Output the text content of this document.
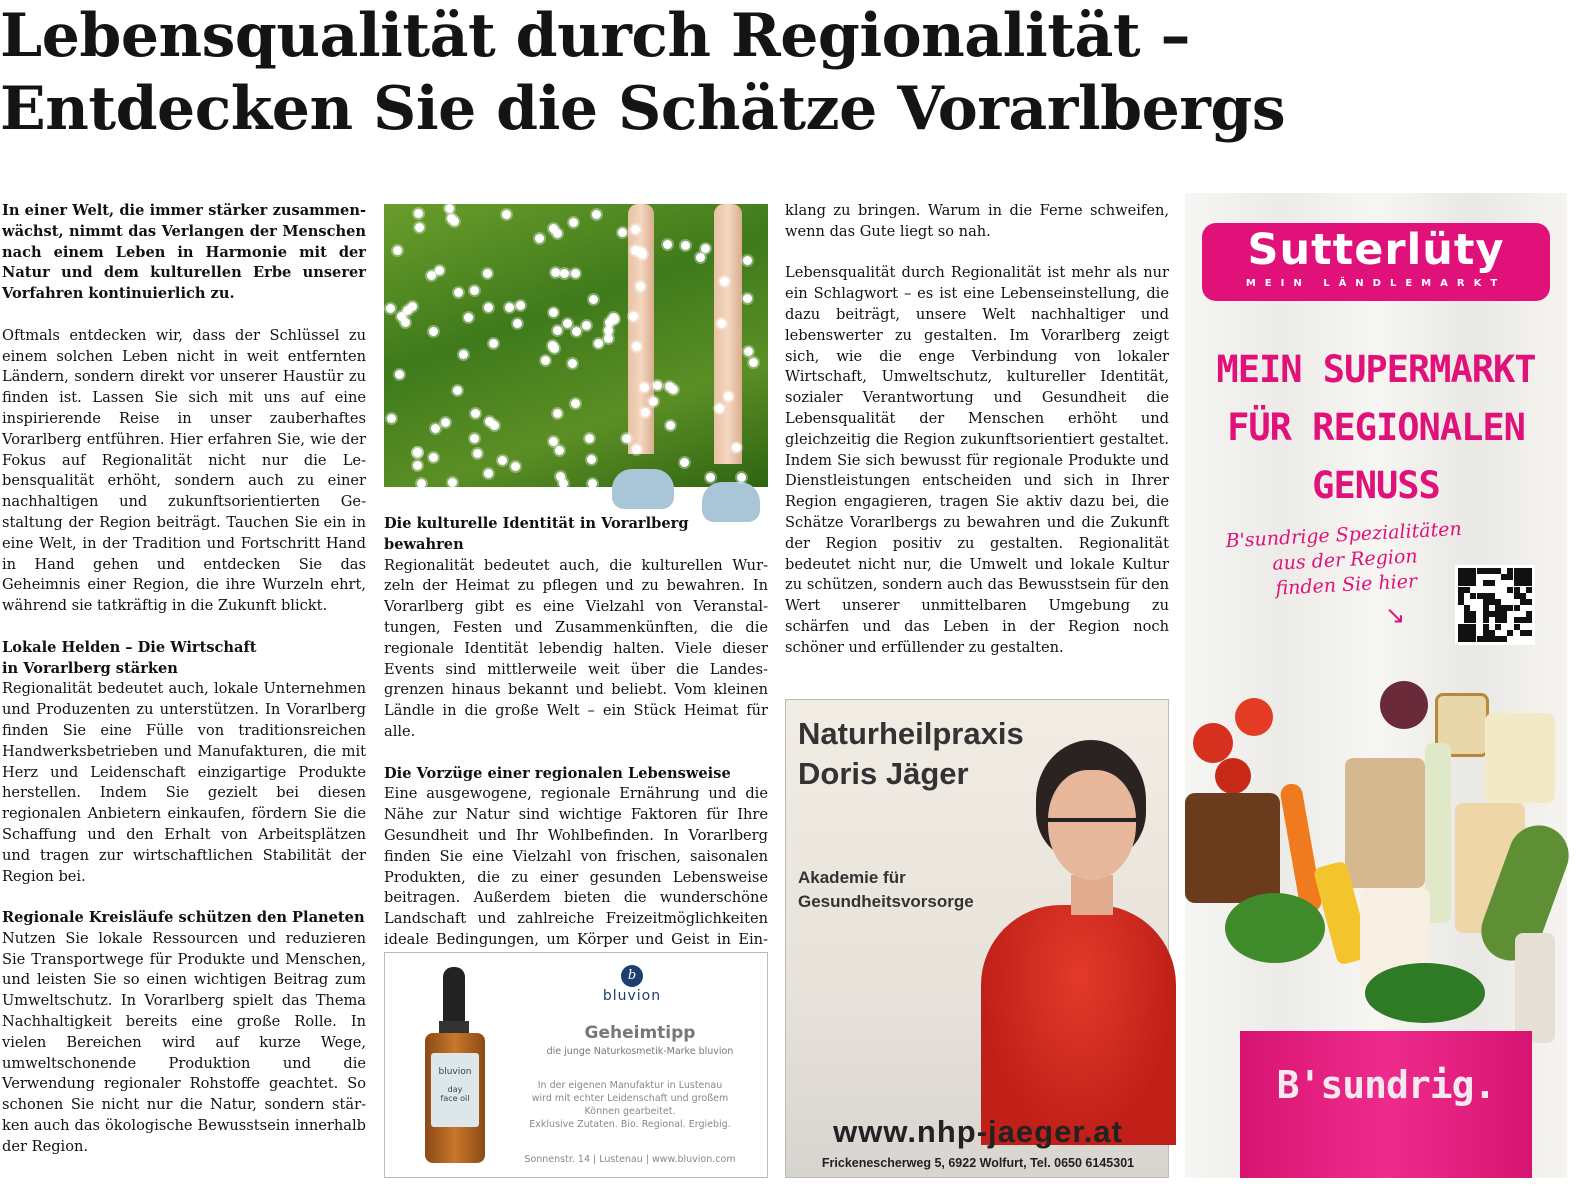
Lebensqualität durch Regionalität –
Entdecken Sie die Schätze Vorarlbergs

In einer Welt, die immer stärker zusammenwächst, nimmt das Verlangen der Menschen nach einem Leben in Harmonie mit der Natur und dem kulturellen Erbe unserer Vorfahren kontinuierlich zu.

Oftmals entdecken wir, dass der Schlüssel zu einem solchen Leben nicht in weit entfernten Ländern, sondern direkt vor unserer Haustür zu finden ist. Lassen Sie sich mit uns auf eine inspirierende Reise in unser zauberhaftes Vorarlberg entführen. Hier erfahren Sie, wie der Fokus auf Regionalität nicht nur die Lebensqualität erhöht, sondern auch zu einer nachhaltigen und zukunftsorientierten Gestaltung der Region beiträgt. Tauchen Sie ein in eine Welt, in der Tradition und Fortschritt Hand in Hand gehen und entdecken Sie das Geheimnis einer Region, die ihre Wurzeln ehrt, während sie tatkräftig in die Zukunft blickt.

Lokale Helden – Die Wirtschaft
in Vorarlberg stärken

Regionalität bedeutet auch, lokale Unternehmen und Produzenten zu unterstützen. In Vorarlberg finden Sie eine Fülle von traditionsreichen Handwerksbetrieben und Manufakturen, die mit Herz und Leidenschaft einzigartige Produkte herstellen. Indem Sie gezielt bei diesen regionalen Anbietern einkaufen, fördern Sie die Schaffung und den Erhalt von Arbeitsplätzen und tragen zur wirtschaftlichen Stabilität der Region bei.

Regionale Kreisläufe schützen den Planeten

Nutzen Sie lokale Ressourcen und reduzieren Sie Transportwege für Produkte und Menschen, und leisten Sie so einen wichtigen Beitrag zum Umweltschutz. In Vorarlberg spielt das Thema Nachhaltigkeit bereits eine große Rolle. In vielen Bereichen wird auf kurze Wege, umweltschonende Produktion und die Verwendung regionaler Rohstoffe geachtet. So schonen Sie nicht nur die Natur, sondern stärken auch das ökologische Bewusstsein innerhalb der Region.

Die kulturelle Identität in Vorarlberg bewahren

Regionalität bedeutet auch, die kulturellen Wurzeln der Heimat zu pflegen und zu bewahren. In Vorarlberg gibt es eine Vielzahl von Veranstaltungen, Festen und Zusammenkünften, die die regionale Identität lebendig halten. Viele dieser Events sind mittlerweile weit über die Landesgrenzen hinaus bekannt und beliebt. Vom kleinen Ländle in die große Welt – ein Stück Heimat für alle.

Die Vorzüge einer regionalen Lebensweise

Eine ausgewogene, regionale Ernährung und die Nähe zur Natur sind wichtige Faktoren für Ihre Gesundheit und Ihr Wohlbefinden. In Vorarlberg finden Sie eine Vielzahl von frischen, saisonalen Produkten, die zu einer gesunden Lebensweise beitragen. Außerdem bieten die wunderschöne Landschaft und zahlreiche Freizeitmöglichkeiten ideale Bedingungen, um Körper und Geist in Ein

klang zu bringen. Warum in die Ferne schweifen, wenn das Gute liegt so nah.

Lebensqualität durch Regionalität ist mehr als nur ein Schlagwort – es ist eine Lebenseinstellung, die dazu beiträgt, unsere Welt nachhaltiger und lebenswerter zu gestalten. Im Vorarlberg zeigt sich, wie die enge Verbindung von lokaler Wirtschaft, Umweltschutz, kultureller Identität, sozialer Verantwortung und Gesundheit die Lebensqualität der Menschen erhöht und gleichzeitig die Region zukunftsorientiert gestaltet. Indem Sie sich bewusst für regionale Produkte und Dienstleistungen entscheiden und sich in Ihrer Region engagieren, tragen Sie aktiv dazu bei, die Schätze Vorarlbergs zu bewahren und die Zukunft der Region positiv zu gestalten. Regionalität bedeutet nicht nur, die Umwelt und lokale Kultur zu schützen, sondern auch das Bewusstsein für den Wert unserer unmittelbaren Umgebung zu schärfen und das Leben in der Region noch schöner und erfüllender zu gestalten.

bluvion
day
face oil
b
bluvion
Geheimtipp
die junge Naturkosmetik-Marke bluvion
In der eigenen Manufaktur in Lustenau
wird mit echter Leidenschaft und großem
Können gearbeitet.
Exklusive Zutaten. Bio. Regional. Ergiebig.
Sonnenstr. 14 | Lustenau | www.bluvion.com
Naturheilpraxis
Doris Jäger
Akademie für
Gesundheitsvorsorge
www.nhp-jaeger.at
Frickenescherweg 5, 6922 Wolfurt, Tel. 0650 6145301
Sutterlüty
MEIN LÄNDLEMARKT
MEIN SUPERMARKT
FÜR REGIONALEN
GENUSS
B'sundrige Spezialitäten
aus der Region
finden Sie hier
↘
B'sundrig.
